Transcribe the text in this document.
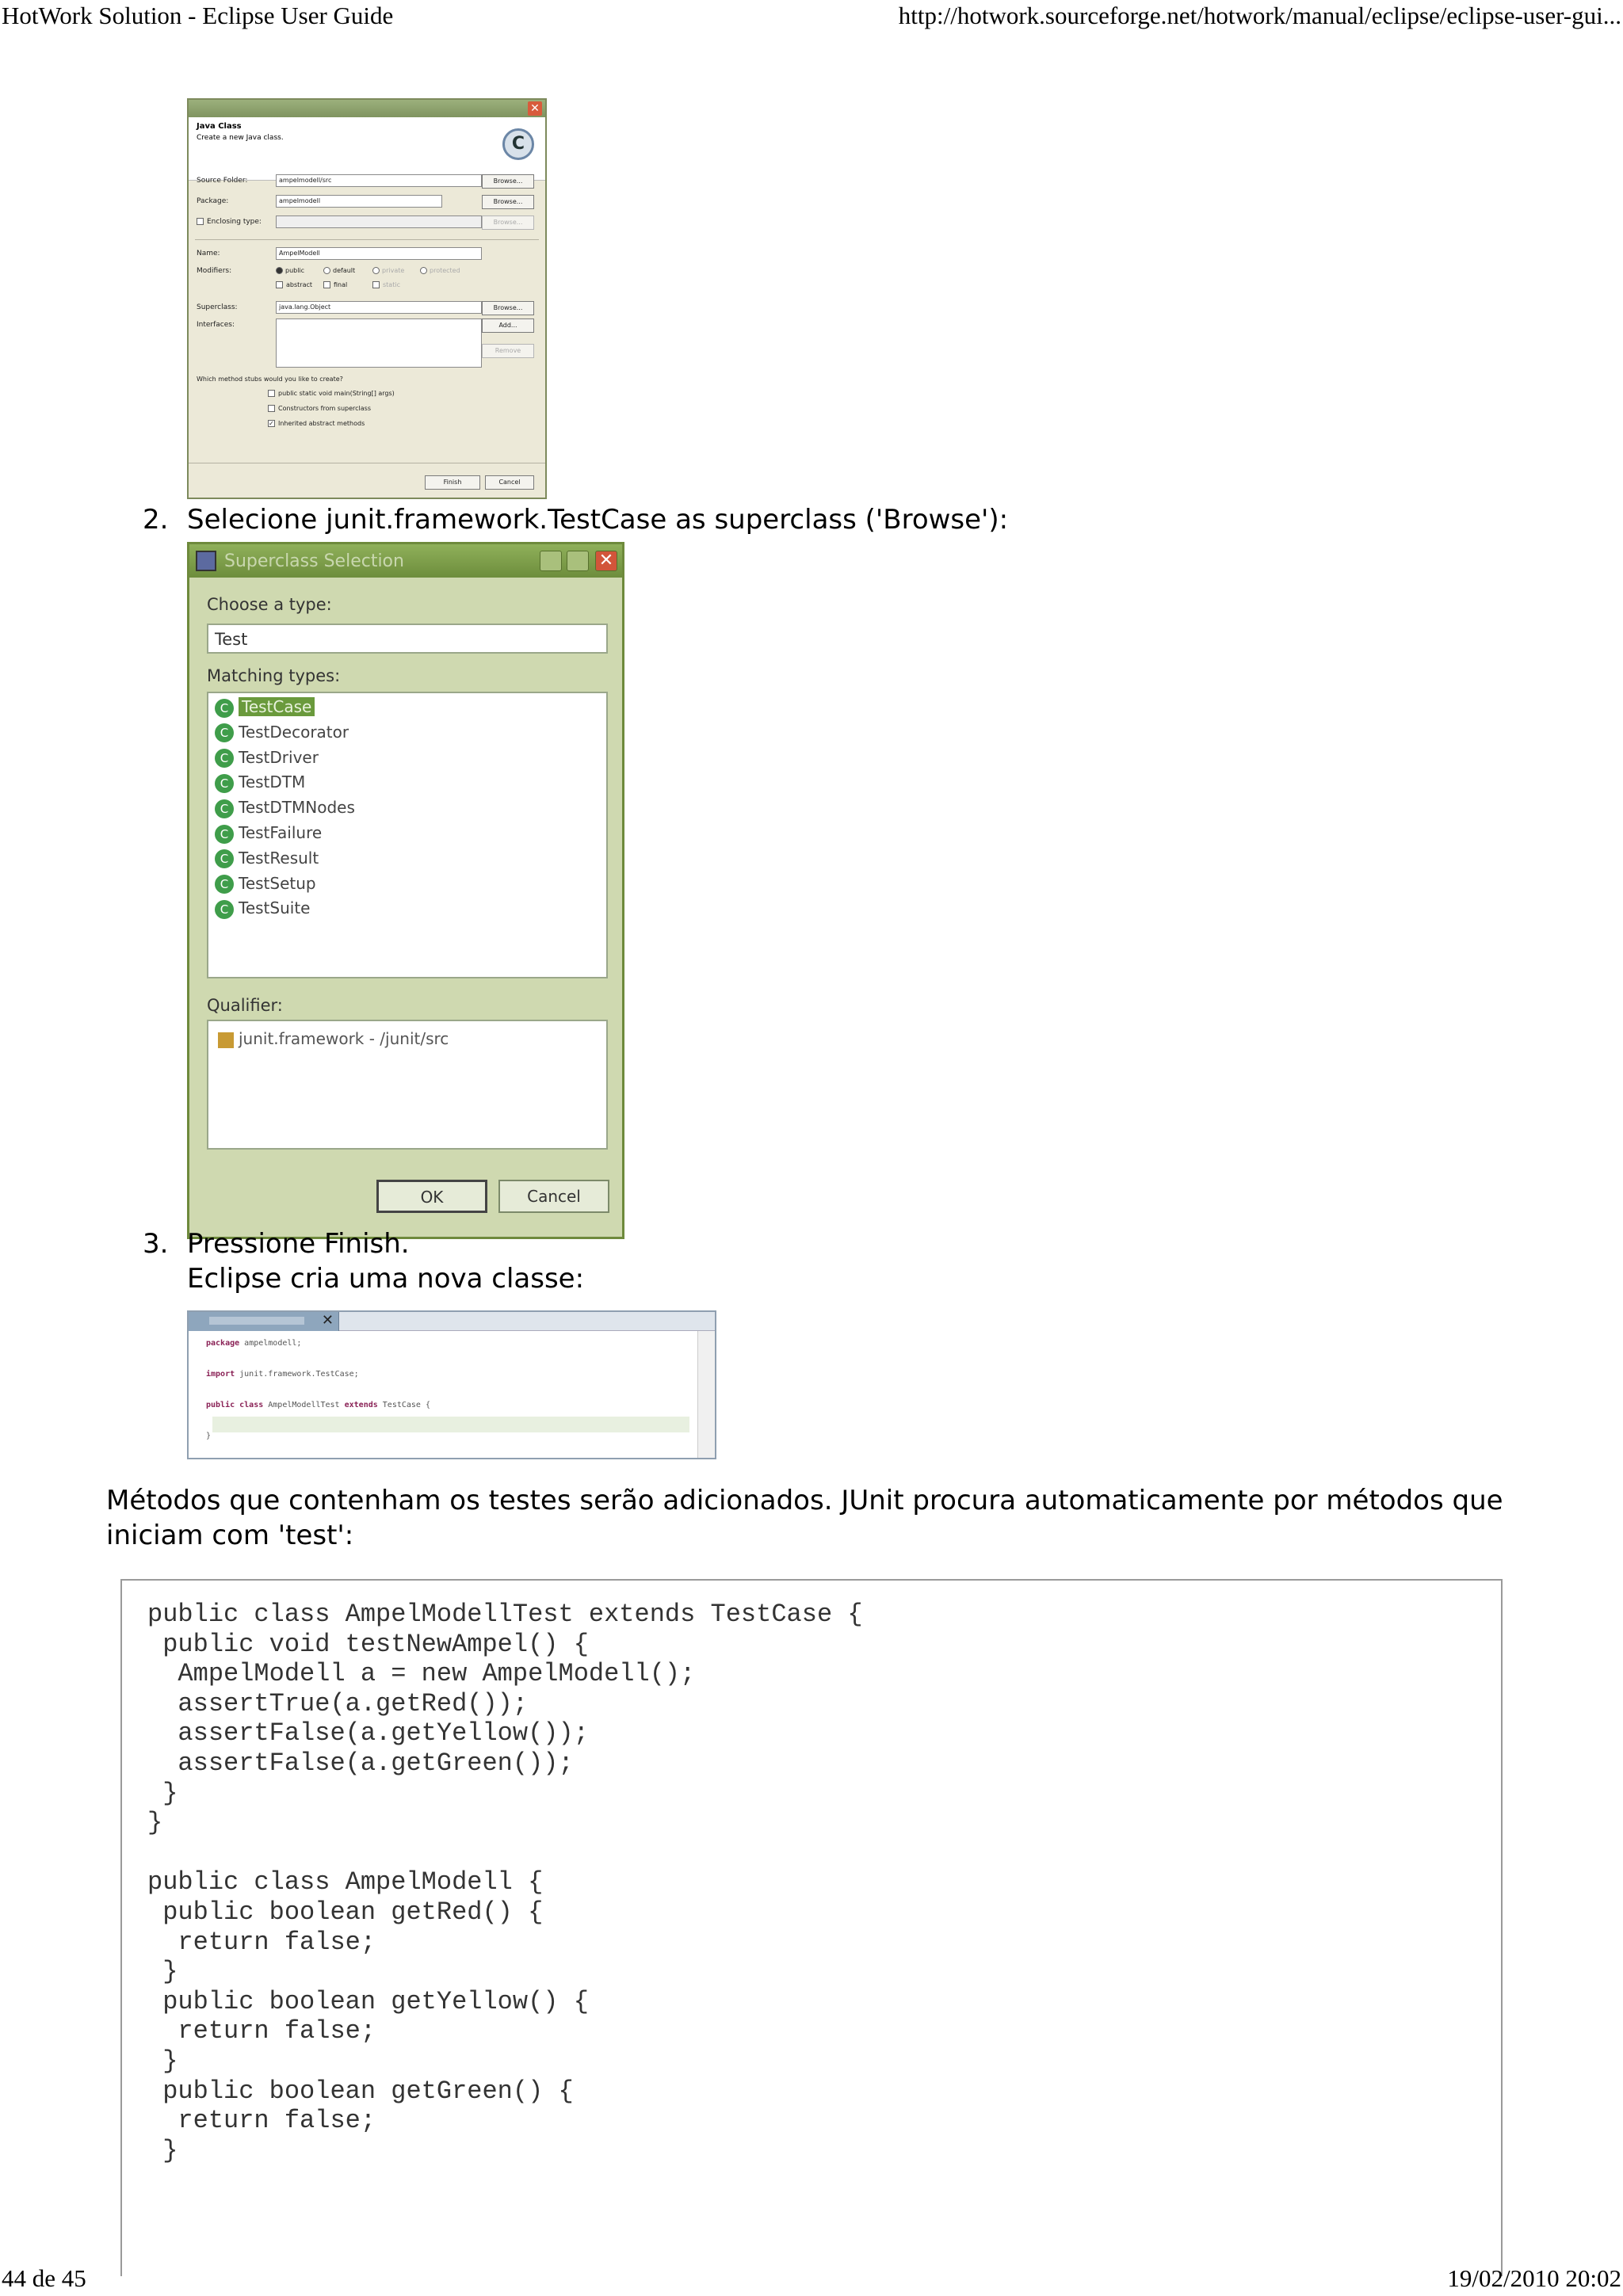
HotWork Solution - Eclipse User Guide	http://hotwork.sourceforge.net/hotwork/manual/eclipse/eclipse-user-gui...
✕
Java Class
Create a new Java class.	C
Source Folder:	ampelmodell/src	Browse...
Package:	ampelmodell	Browse...
Enclosing type:	Browse...
Name:	AmpelModell
Modifiers:	public	default	private	protected
abstract	final	static
Superclass:	java.lang.Object	Browse...
Interfaces:	Add...
Remove
Which method stubs would you like to create?
public static void main(String[] args)
Constructors from superclass
✓ Inherited abstract methods
Finish	Cancel
2. Selecione junit.framework.TestCase as superclass ('Browse'):
Superclass Selection	✕
Choose a type:
Test
Matching types:
C TestCase
C TestDecorator
C TestDriver
C TestDTM
C TestDTMNodes
C TestFailure
C TestResult
C TestSetup
C TestSuite
Qualifier:
junit.framework - /junit/src
OK	Cancel
3. Pressione Finish.
Eclipse cria uma nova classe:
✕
package ampelmodell;
import junit.framework.TestCase;
public class AmpelModellTest extends TestCase {
}
Métodos que contenham os testes serão adicionados. JUnit procura automaticamente por métodos que iniciam com 'test':
public class AmpelModellTest extends TestCase {
public void testNewAmpel() {
AmpelModell a = new AmpelModell();
assertTrue(a.getRed());
assertFalse(a.getYellow());
assertFalse(a.getGreen());
}
}

public class AmpelModell {
public boolean getRed() {
return false;
}
public boolean getYellow() {
return false;
}
public boolean getGreen() {
return false;
}
44 de 45	19/02/2010 20:02
